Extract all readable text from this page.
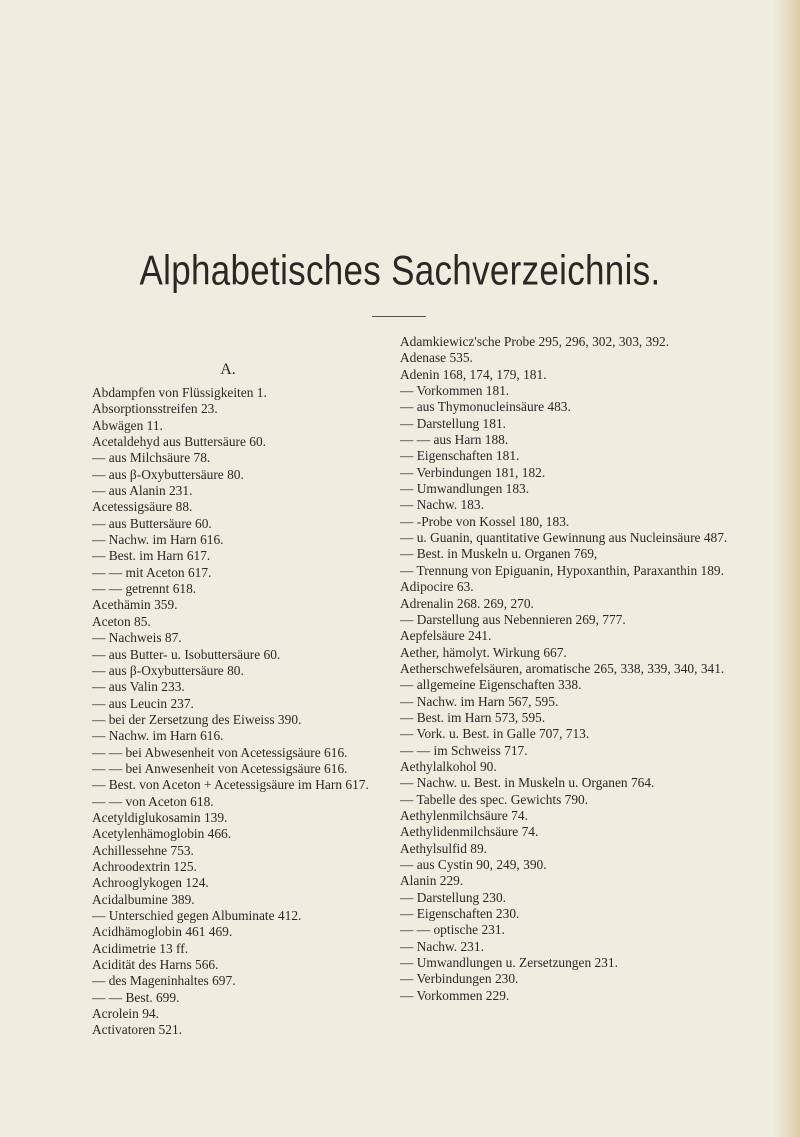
Alphabetisches Sachverzeichnis.
A.
Abdampfen von Flüssigkeiten 1.
Absorptionsstreifen 23.
Abwägen 11.
Acetaldehyd aus Buttersäure 60.
— aus Milchsäure 78.
— aus β-Oxybuttersäure 80.
— aus Alanin 231.
Acetessigsäure 88.
— aus Buttersäure 60.
— Nachw. im Harn 616.
— Best. im Harn 617.
— — mit Aceton 617.
— — getrennt 618.
Acethämin 359.
Aceton 85.
— Nachweis 87.
— aus Butter- u. Isobuttersäure 60.
— aus β-Oxybuttersäure 80.
— aus Valin 233.
— aus Leucin 237.
— bei der Zersetzung des Eiweiss 390.
— Nachw. im Harn 616.
— — bei Abwesenheit von Acetessigsäure 616.
— — bei Anwesenheit von Acetessigsäure 616.
— Best. von Aceton + Acetessigsäure im Harn 617.
— — von Aceton 618.
Acetyldiglukosamin 139.
Acetylenhämoglobin 466.
Achillessehne 753.
Achroodextrin 125.
Achrooglykogen 124.
Acidalbumine 389.
— Unterschied gegen Albuminate 412.
Acidhämoglobin 461 469.
Acidimetrie 13 ff.
Acidität des Harns 566.
— des Mageninhaltes 697.
— — Best. 699.
Acrolein 94.
Activatoren 521.
Adamkiewicz'sche Probe 295, 296, 302, 303, 392.
Adenase 535.
Adenin 168, 174, 179, 181.
— Vorkommen 181.
— aus Thymonucleinsäure 483.
— Darstellung 181.
— — aus Harn 188.
— Eigenschaften 181.
— Verbindungen 181, 182.
— Umwandlungen 183.
— Nachw. 183.
— -Probe von Kossel 180, 183.
— u. Guanin, quantitative Gewinnung aus Nucleinsäure 487.
— Best. in Muskeln u. Organen 769,
— Trennung von Epiguanin, Hypoxanthin, Paraxanthin 189.
Adipocire 63.
Adrenalin 268. 269, 270.
— Darstellung aus Nebennieren 269, 777.
Aepfelsäure 241.
Aether, hämolyt. Wirkung 667.
Aetherschwefelsäuren, aromatische 265, 338, 339, 340, 341.
— allgemeine Eigenschaften 338.
— Nachw. im Harn 567, 595.
— Best. im Harn 573, 595.
— Vork. u. Best. in Galle 707, 713.
— — im Schweiss 717.
Aethylalkohol 90.
— Nachw. u. Best. in Muskeln u. Organen 764.
— Tabelle des spec. Gewichts 790.
Aethylenmilchsäure 74.
Aethylidenmilchsäure 74.
Aethylsulfid 89.
— aus Cystin 90, 249, 390.
Alanin 229.
— Darstellung 230.
— Eigenschaften 230.
— — optische 231.
— Nachw. 231.
— Umwandlungen u. Zersetzungen 231.
— Verbindungen 230.
— Vorkommen 229.
